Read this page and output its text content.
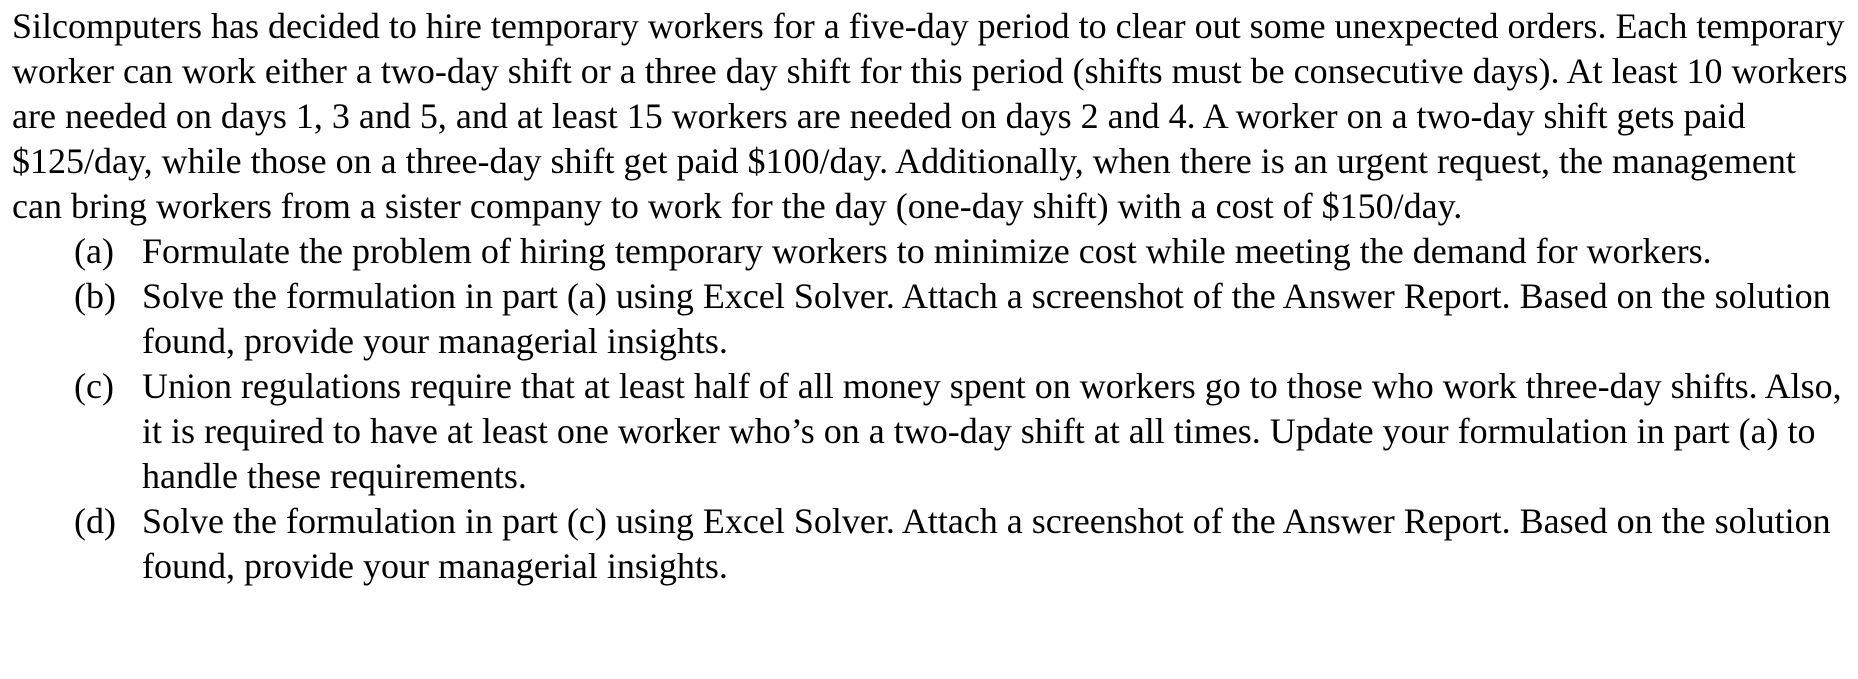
Silcomputers has decided to hire temporary workers for a five-day period to clear out some unexpected orders. Each temporary worker can work either a two-day shift or a three day shift for this period (shifts must be consecutive days). At least 10 workers are needed on days 1, 3 and 5, and at least 15 workers are needed on days 2 and 4. A worker on a two-day shift gets paid $125/day, while those on a three-day shift get paid $100/day. Additionally, when there is an urgent request, the management can bring workers from a sister company to work for the day (one-day shift) with a cost of $150/day.

(a) Formulate the problem of hiring temporary workers to minimize cost while meeting the demand for workers.
(b) Solve the formulation in part (a) using Excel Solver. Attach a screenshot of the Answer Report. Based on the solution found, provide your managerial insights.
(c) Union regulations require that at least half of all money spent on workers go to those who work three-day shifts. Also, it is required to have at least one worker who’s on a two-day shift at all times. Update your formulation in part (a) to handle these requirements.
(d) Solve the formulation in part (c) using Excel Solver. Attach a screenshot of the Answer Report. Based on the solution found, provide your managerial insights.
